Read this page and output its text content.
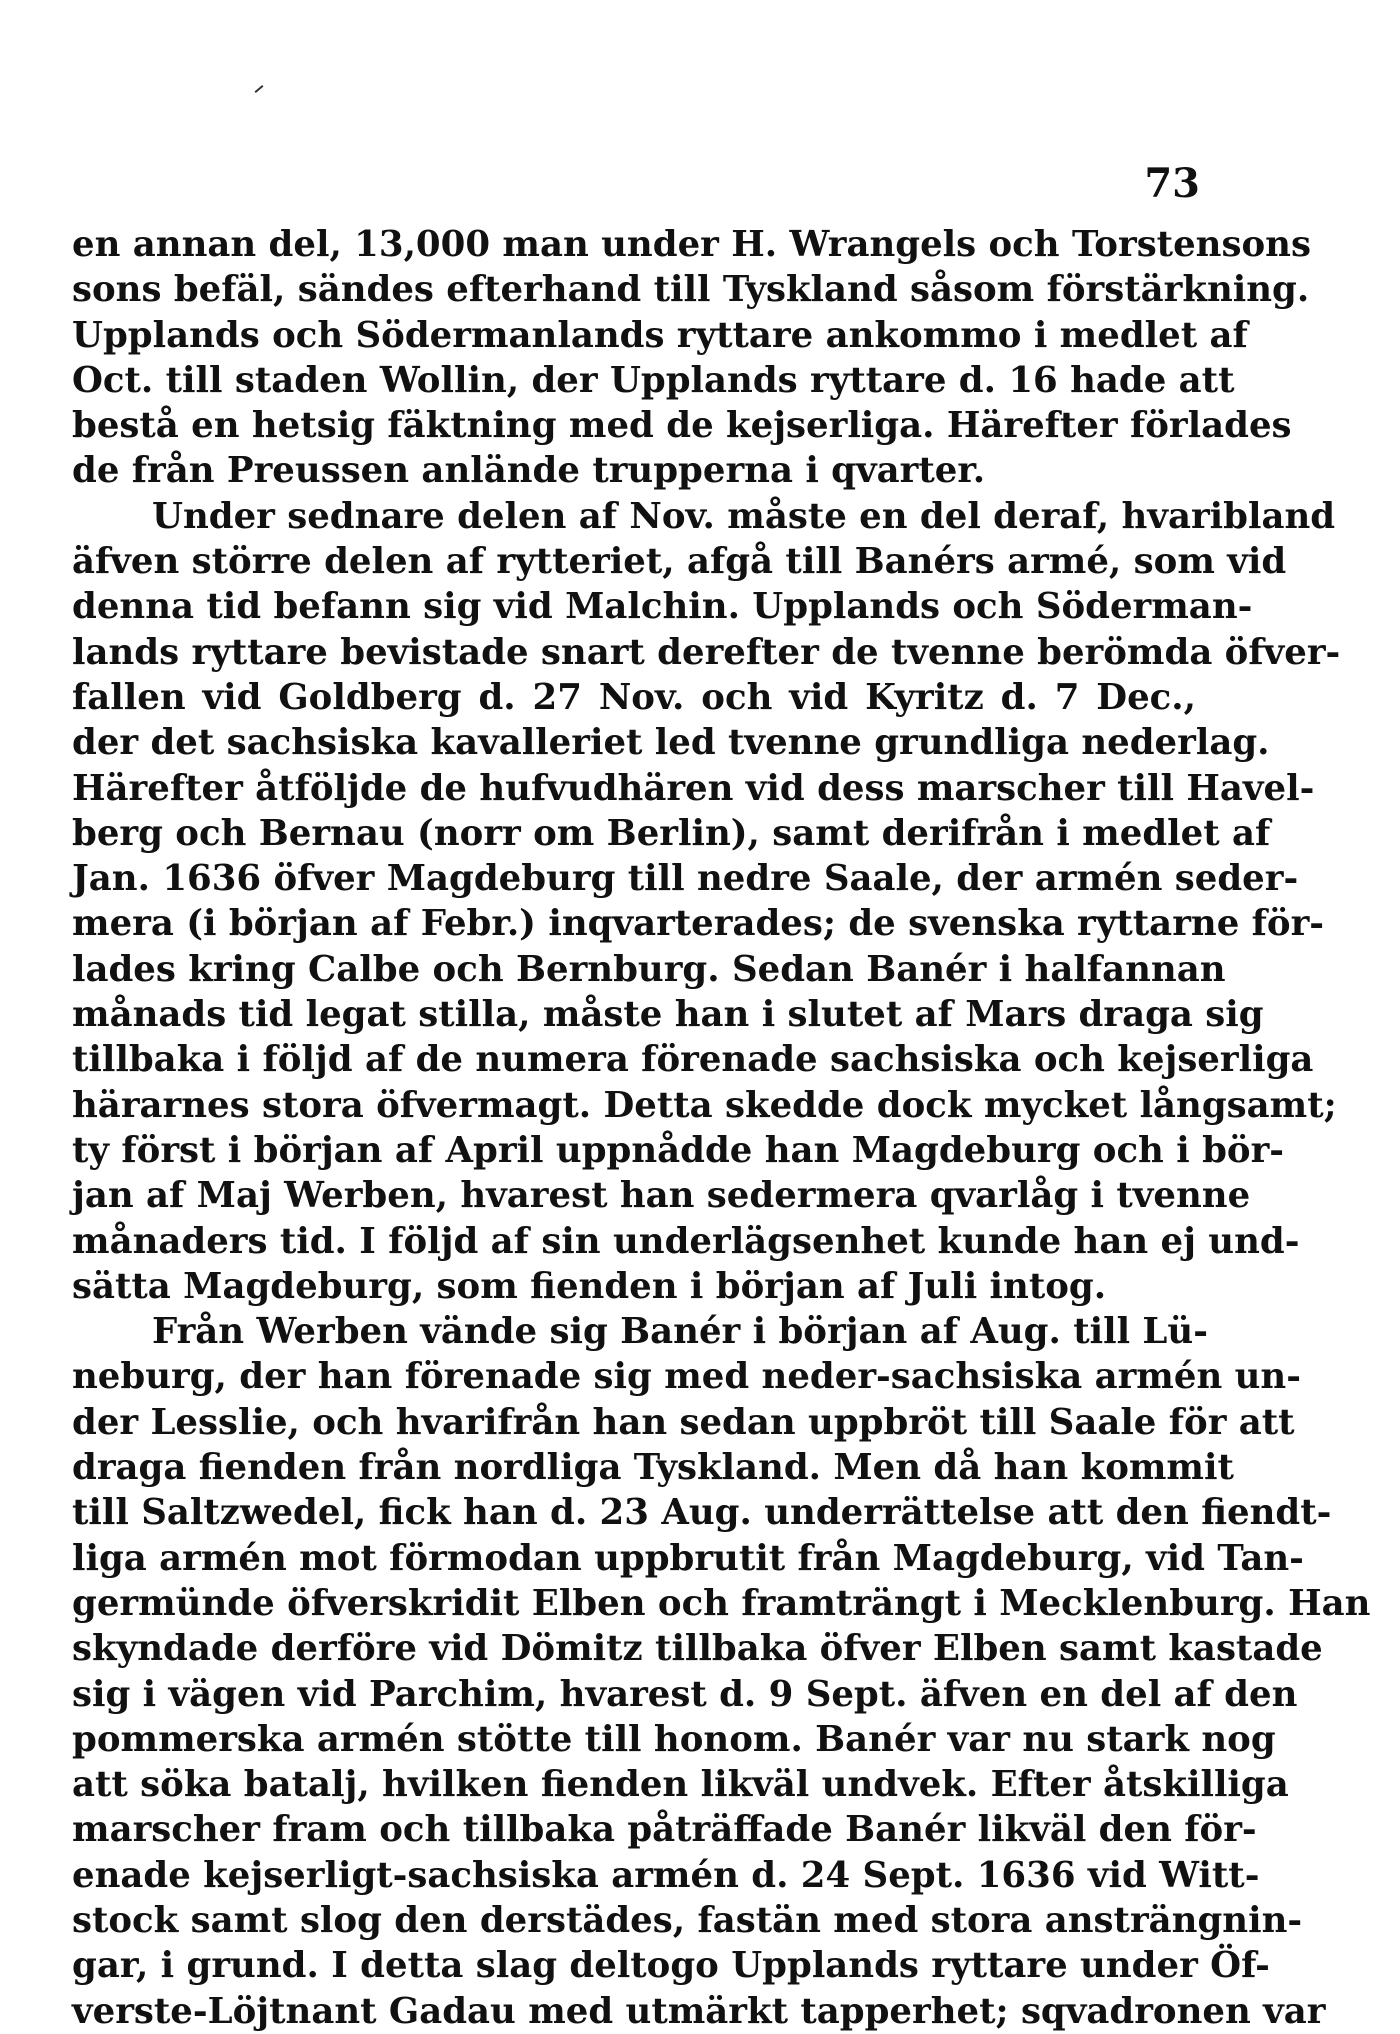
73
en annan del, 13,000 man under H. Wrangels och Torstensons
sons befäl, sändes efterhand till Tyskland såsom förstärkning.
Upplands och Södermanlands ryttare ankommo i medlet af
Oct. till staden Wollin, der Upplands ryttare d. 16 hade att
bestå en hetsig fäktning med de kejserliga. Härefter förlades
de från Preussen anlände trupperna i qvarter.
Under sednare delen af Nov. måste en del deraf, hvaribland
äfven större delen af rytteriet, afgå till Banérs armé, som vid
denna tid befann sig vid Malchin. Upplands och Söderman-
lands ryttare bevistade snart derefter de tvenne berömda öfver-
fallen vid Goldberg d. 27 Nov. och vid Kyritz d. 7 Dec.,
der det sachsiska kavalleriet led tvenne grundliga nederlag.
Härefter åtföljde de hufvudhären vid dess marscher till Havel-
berg och Bernau (norr om Berlin), samt derifrån i medlet af
Jan. 1636 öfver Magdeburg till nedre Saale, der armén seder-
mera (i början af Febr.) inqvarterades; de svenska ryttarne för-
lades kring Calbe och Bernburg. Sedan Banér i halfannan
månads tid legat stilla, måste han i slutet af Mars draga sig
tillbaka i följd af de numera förenade sachsiska och kejserliga
härarnes stora öfvermagt. Detta skedde dock mycket långsamt;
ty först i början af April uppnådde han Magdeburg och i bör-
jan af Maj Werben, hvarest han sedermera qvarlåg i tvenne
månaders tid. I följd af sin underlägsenhet kunde han ej und-
sätta Magdeburg, som fienden i början af Juli intog.
Från Werben vände sig Banér i början af Aug. till Lü-
neburg, der han förenade sig med neder-sachsiska armén un-
der Lesslie, och hvarifrån han sedan uppbröt till Saale för att
draga fienden från nordliga Tyskland. Men då han kommit
till Saltzwedel, fick han d. 23 Aug. underrättelse att den fiendt-
liga armén mot förmodan uppbrutit från Magdeburg, vid Tan-
germünde öfverskridit Elben och framträngt i Mecklenburg. Han
skyndade derföre vid Dömitz tillbaka öfver Elben samt kastade
sig i vägen vid Parchim, hvarest d. 9 Sept. äfven en del af den
pommerska armén stötte till honom. Banér var nu stark nog
att söka batalj, hvilken fienden likväl undvek. Efter åtskilliga
marscher fram och tillbaka påträffade Banér likväl den för-
enade kejserligt-sachsiska armén d. 24 Sept. 1636 vid Witt-
stock samt slog den derstädes, fastän med stora ansträngnin-
gar, i grund. I detta slag deltogo Upplands ryttare under Öf-
verste-Löjtnant Gadau med utmärkt tapperhet; sqvadronen var
